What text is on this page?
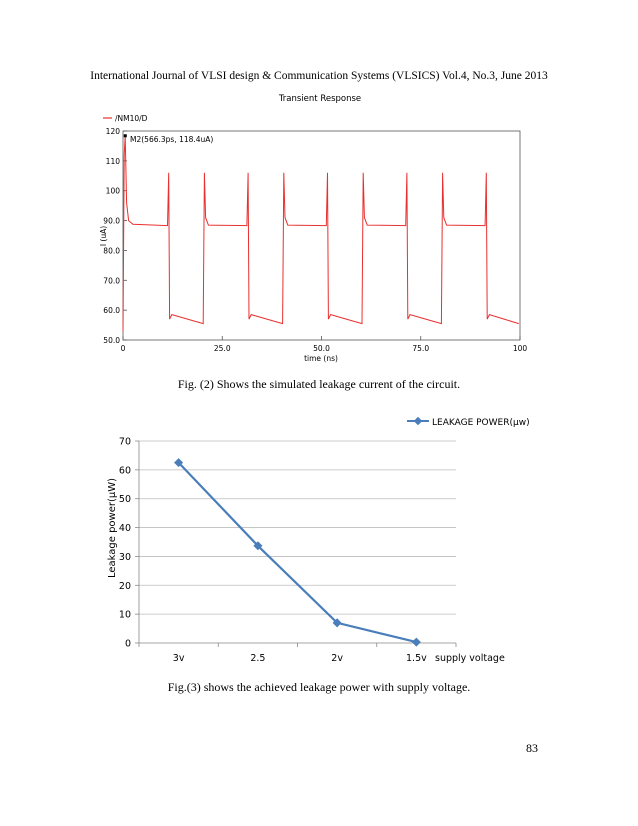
International Journal of VLSI design & Communication Systems (VLSICS) Vol.4, No.3, June 2013
Transient Response
/NM10/D
50.0
60.0
70.0
80.0
90.0
100
110
120
0	25.0	50.0	75.0	100
I (uA)
time (ns)
M2(566.3ps, 118.4uA)
LEAKAGE POWER(µw)
0
10
20
30
40
50
60
70
3v	2.5	2v	1.5v
Leakage power(µW)
supply voltage
Fig. (2) Shows the simulated leakage current of the circuit.
Fig.(3) shows the achieved leakage power with supply voltage.
83
